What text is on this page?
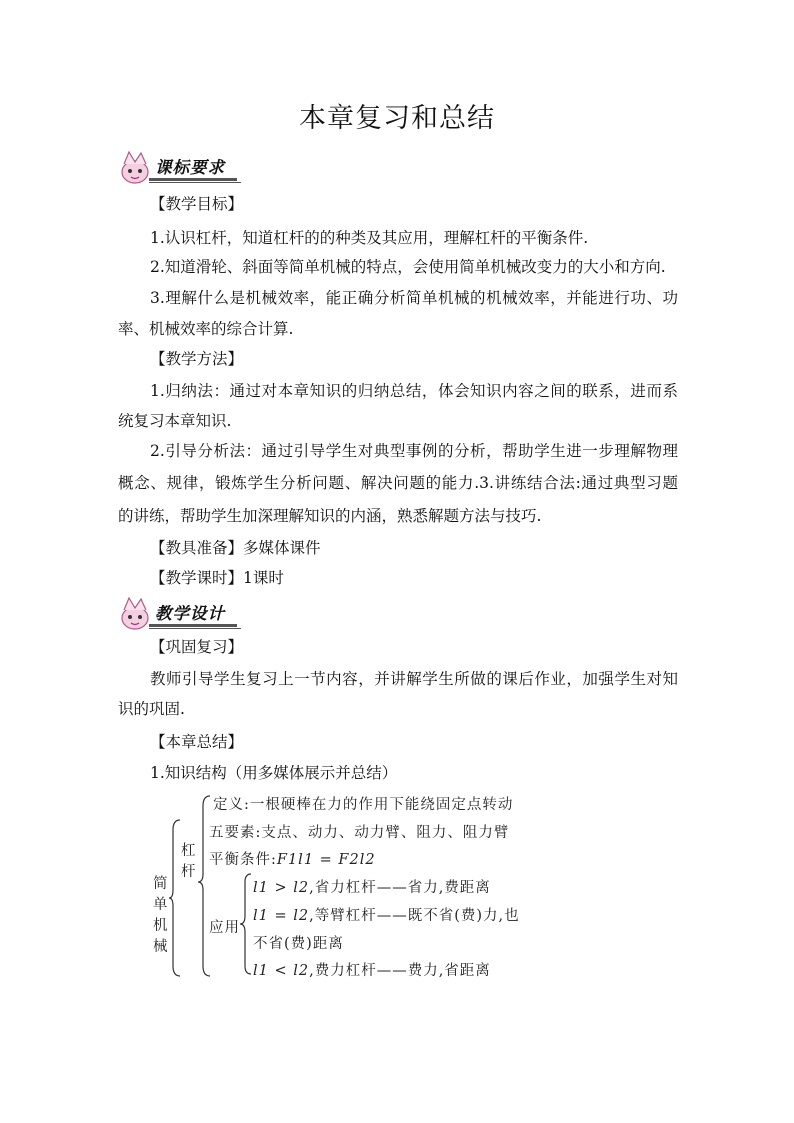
本章复习和总结
课标要求
【教学目标】
1.认识杠杆，知道杠杆的的种类及其应用，理解杠杆的平衡条件.
2.知道滑轮、斜面等简单机械的特点，会使用简单机械改变力的大小和方向.
3.理解什么是机械效率，能正确分析简单机械的机械效率，并能进行功、功
率、机械效率的综合计算.
【教学方法】
1.归纳法：通过对本章知识的归纳总结，体会知识内容之间的联系，进而系
统复习本章知识.
2.引导分析法：通过引导学生对典型事例的分析，帮助学生进一步理解物理
概念、规律，锻炼学生分析问题、解决问题的能力.3.讲练结合法:通过典型习题
的讲练，帮助学生加深理解知识的内涵，熟悉解题方法与技巧.
【教具准备】多媒体课件
【教学课时】1课时
教学设计
【巩固复习】
教师引导学生复习上一节内容，并讲解学生所做的课后作业，加强学生对知
识的巩固.
【本章总结】
1.知识结构（用多媒体展示并总结）
简
单
机
械
杠
杆
定义:一根硬棒在力的作用下能绕固定点转动
五要素:支点、动力、动力臂、阻力、阻力臂
平衡条件:F1l1 = F2l2
应用
l1 > l2,省力杠杆——省力,费距离
l1 = l2,等臂杠杆——既不省(费)力,也
不省(费)距离
l1 < l2,费力杠杆——费力,省距离
